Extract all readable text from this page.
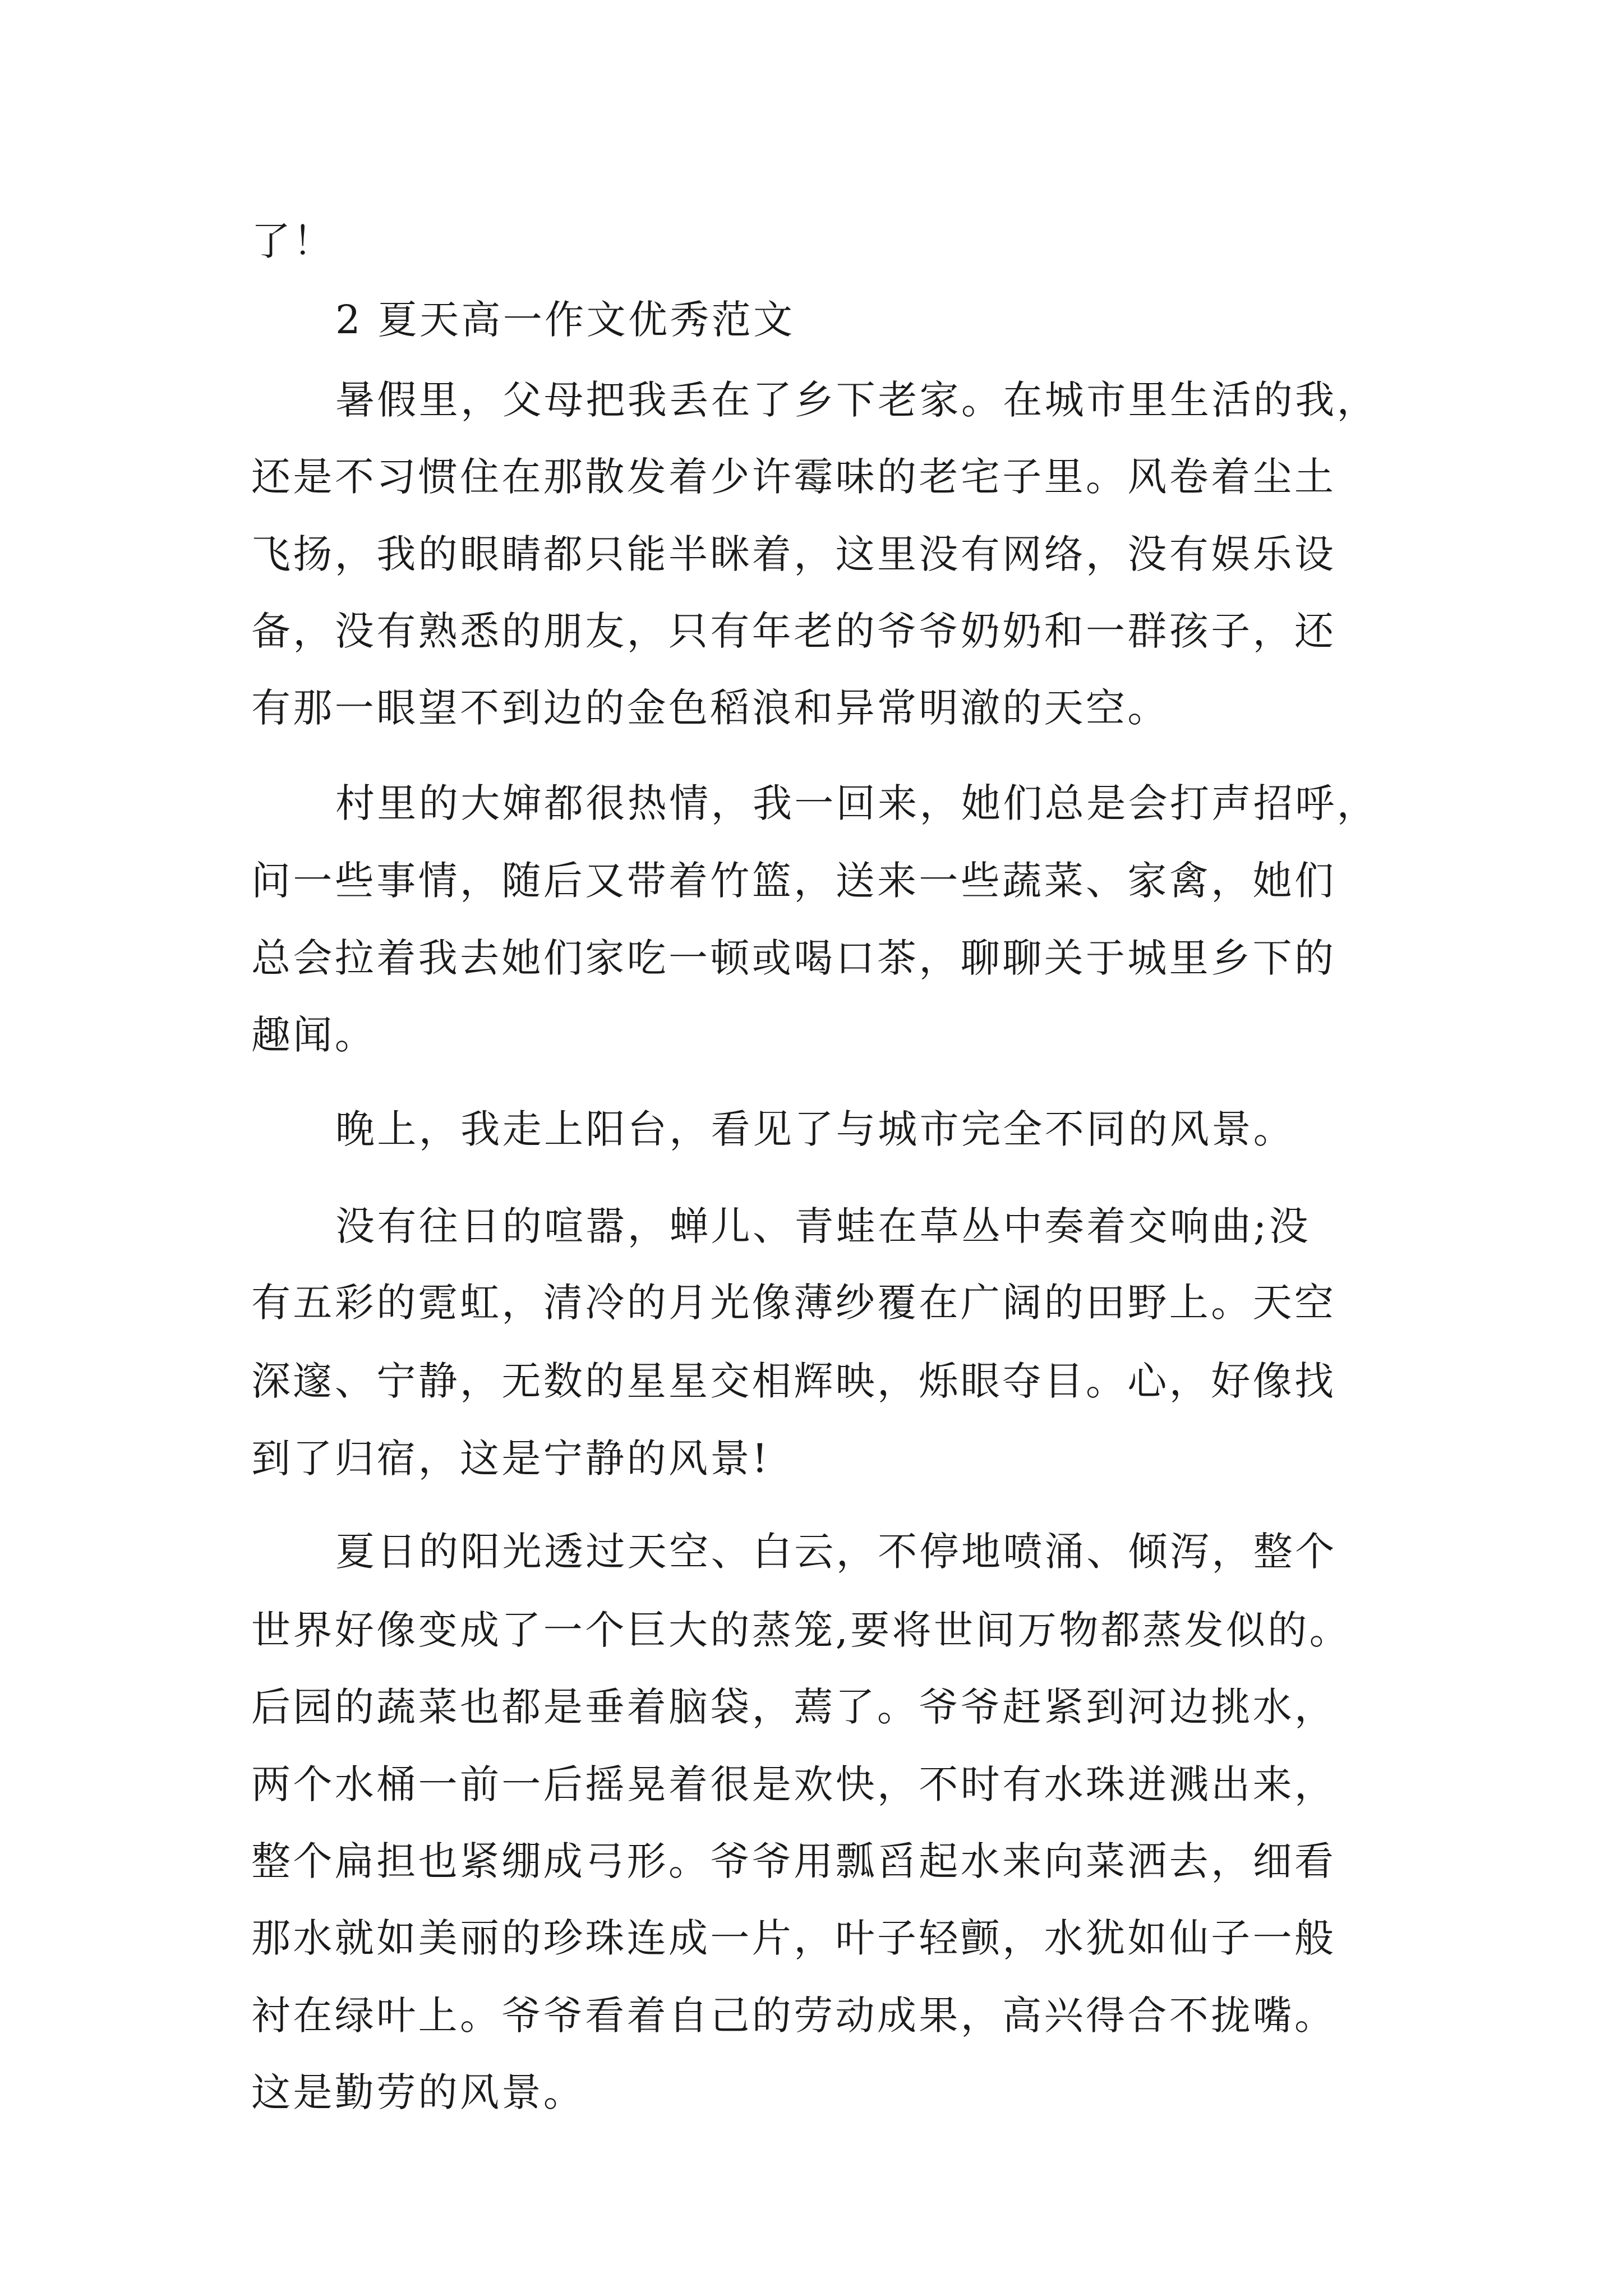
了！

2 夏天高一作文优秀范文

暑假里，父母把我丢在了乡下老家。在城市里生活的我，

还是不习惯住在那散发着少许霉味的老宅子里。风卷着尘土

飞扬，我的眼睛都只能半眯着，这里没有网络，没有娱乐设

备，没有熟悉的朋友，只有年老的爷爷奶奶和一群孩子，还

有那一眼望不到边的金色稻浪和异常明澈的天空。

村里的大婶都很热情，我一回来，她们总是会打声招呼，

问一些事情，随后又带着竹篮，送来一些蔬菜、家禽，她们

总会拉着我去她们家吃一顿或喝口茶，聊聊关于城里乡下的

趣闻。

晚上，我走上阳台，看见了与城市完全不同的风景。

没有往日的喧嚣，蝉儿、青蛙在草丛中奏着交响曲;没

有五彩的霓虹，清冷的月光像薄纱覆在广阔的田野上。天空

深邃、宁静，无数的星星交相辉映，烁眼夺目。心，好像找

到了归宿，这是宁静的风景!

夏日的阳光透过天空、白云，不停地喷涌、倾泻，整个

世界好像变成了一个巨大的蒸笼,要将世间万物都蒸发似的。

后园的蔬菜也都是垂着脑袋，蔫了。爷爷赶紧到河边挑水，

两个水桶一前一后摇晃着很是欢快，不时有水珠迸溅出来，

整个扁担也紧绷成弓形。爷爷用瓢舀起水来向菜洒去，细看

那水就如美丽的珍珠连成一片，叶子轻颤，水犹如仙子一般

衬在绿叶上。爷爷看着自己的劳动成果，高兴得合不拢嘴。

这是勤劳的风景。
